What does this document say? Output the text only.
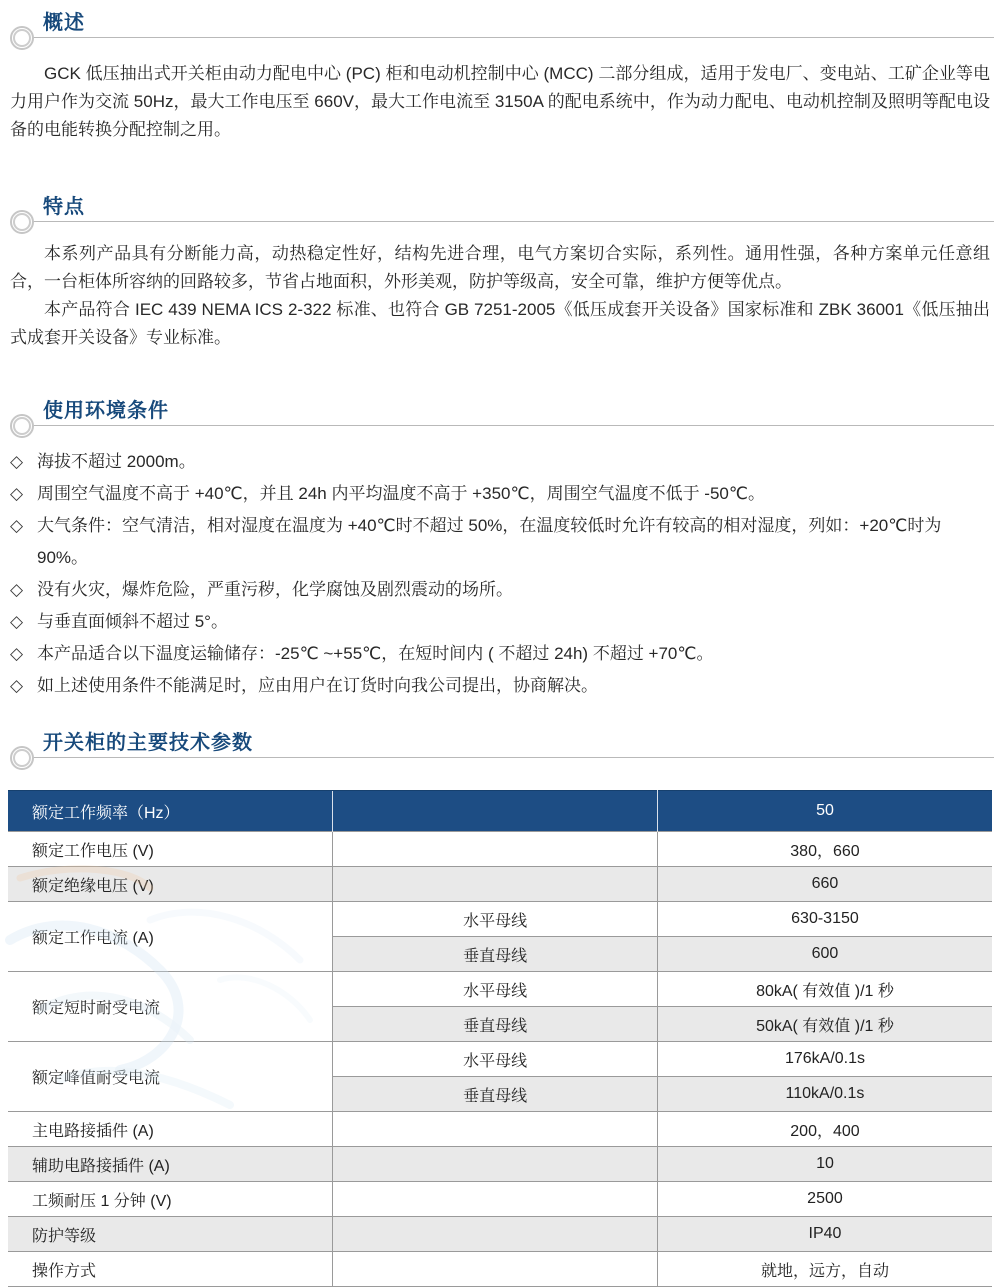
概述

GCK 低压抽出式开关柜由动力配电中心 (PC) 柜和电动机控制中心 (MCC) 二部分组成，适用于发电厂、变电站、工矿企业等电力用户作为交流 50Hz，最大工作电压至 660V，最大工作电流至 3150A 的配电系统中，作为动力配电、电动机控制及照明等配电设备的电能转换分配控制之用。

特点

本系列产品具有分断能力高，动热稳定性好，结构先进合理，电气方案切合实际，系列性。通用性强，各种方案单元任意组合，一台柜体所容纳的回路较多，节省占地面积，外形美观，防护等级高，安全可靠，维护方便等优点。

本产品符合 IEC 439 NEMA ICS 2-322 标准、也符合 GB 7251-2005《低压成套开关设备》国家标准和 ZBK 36001《低压抽出式成套开关设备》专业标准。

使用环境条件
◇ 海拔不超过 2000m。
◇ 周围空气温度不高于 +40℃，并且 24h 内平均温度不高于 +350℃，周围空气温度不低于 -50℃。
◇ 大气条件：空气清洁，相对湿度在温度为 +40℃时不超过 50%，在温度较低时允许有较高的相对湿度，列如：+20℃时为 90%。
◇ 没有火灾，爆炸危险，严重污秽，化学腐蚀及剧烈震动的场所。
◇ 与垂直面倾斜不超过 5°。
◇ 本产品适合以下温度运输储存：-25℃ ~+55℃，在短时间内 ( 不超过 24h) 不超过 +70℃。
◇ 如上述使用条件不能满足时，应由用户在订货时向我公司提出，协商解决。
开关柜的主要技术参数
额定工作频率（Hz）		50
额定工作电压 (V)		380，660
额定绝缘电压 (V)		660
额定工作电流 (A)	水平母线	630-3150
	垂直母线	600
额定短时耐受电流	水平母线	80kA( 有效值 )/1 秒
	垂直母线	50kA( 有效值 )/1 秒
额定峰值耐受电流	水平母线	176kA/0.1s
	垂直母线	110kA/0.1s
主电路接插件 (A)		200，400
辅助电路接插件 (A)		10
工频耐压 1 分钟 (V)		2500
防护等级		IP40
操作方式		就地，远方，自动
